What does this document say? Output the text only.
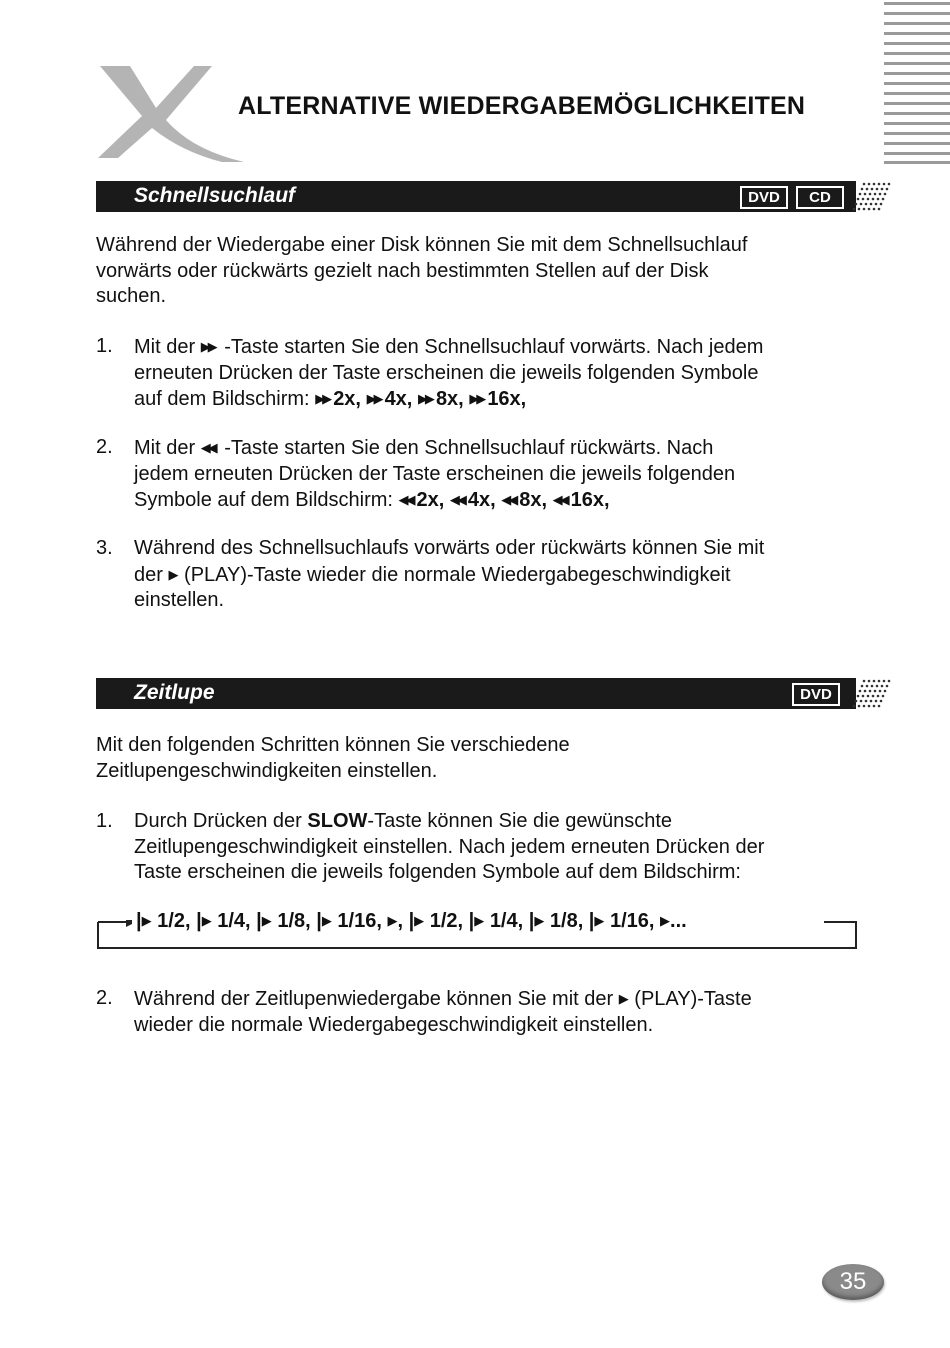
ALTERNATIVE WIEDERGABEMÖGLICHKEITEN
Schnellsuchlauf	DVD	CD
Während der Wiedergabe einer Disk können Sie mit dem Schnellsuchlauf
vorwärts oder rückwärts gezielt nach bestimmten Stellen auf der Disk
suchen.
1. Mit der ▶▶ -Taste starten Sie den Schnellsuchlauf vorwärts. Nach jedem
erneuten Drücken der Taste erscheinen die jeweils folgenden Symbole
auf dem Bildschirm: ▶▶ 2x, ▶▶ 4x, ▶▶ 8x, ▶▶ 16x,
2. Mit der ◀◀ -Taste starten Sie den Schnellsuchlauf rückwärts. Nach
jedem erneuten Drücken der Taste erscheinen die jeweils folgenden
Symbole auf dem Bildschirm: ◀◀ 2x, ◀◀ 4x, ◀◀ 8x, ◀◀ 16x,
3. Während des Schnellsuchlaufs vorwärts oder rückwärts können Sie mit
der ▶ (PLAY)-Taste wieder die normale Wiedergabegeschwindigkeit
einstellen.
Zeitlupe	DVD
Mit den folgenden Schritten können Sie verschiedene
Zeitlupengeschwindigkeiten einstellen.
1. Durch Drücken der SLOW-Taste können Sie die gewünschte
Zeitlupengeschwindigkeit einstellen. Nach jedem erneuten Drücken der
Taste erscheinen die jeweils folgenden Symbole auf dem Bildschirm:
|▶ 1/2, |▶ 1/4, |▶ 1/8, |▶ 1/16, ▶, |▶ 1/2, |▶ 1/4, |▶ 1/8, |▶ 1/16, ▶...
2. Während der Zeitlupenwiedergabe können Sie mit der ▶ (PLAY)-Taste
wieder die normale Wiedergabegeschwindigkeit einstellen.
35
